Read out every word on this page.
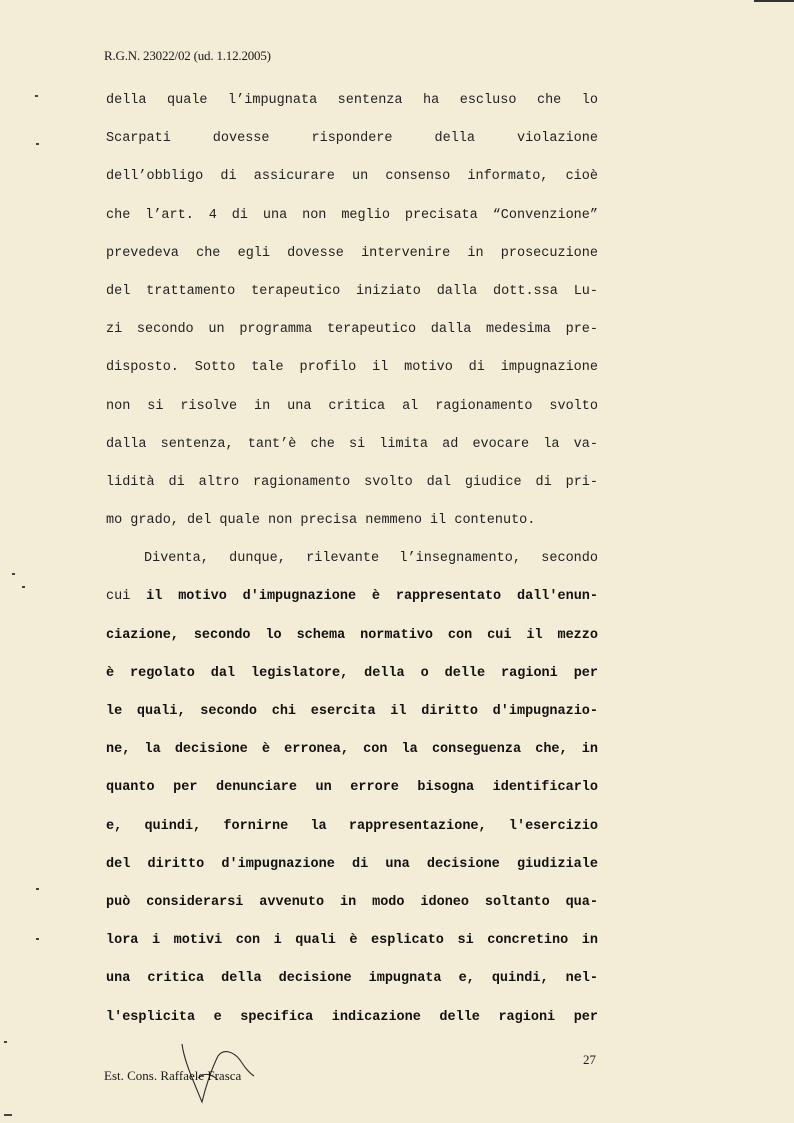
R.G.N. 23022/02 (ud. 1.12.2005)
della quale l’impugnata sentenza ha escluso che lo
Scarpati dovesse rispondere della violazione
dell’obbligo di assicurare un consenso informato, cioè
che l’art. 4 di una non meglio precisata “Convenzione”
prevedeva che egli dovesse intervenire in prosecuzione
del trattamento terapeutico iniziato dalla dott.ssa Lu-
zi secondo un programma terapeutico dalla medesima pre-
disposto. Sotto tale profilo il motivo di impugnazione
non si risolve in una critica al ragionamento svolto
dalla sentenza, tant’è che si limita ad evocare la va-
lidità di altro ragionamento svolto dal giudice di pri-
mo grado, del quale non precisa nemmeno il contenuto.
Diventa, dunque, rilevante l’insegnamento, secondo
cui il motivo d'impugnazione è rappresentato dall'enun-
ciazione, secondo lo schema normativo con cui il mezzo
è regolato dal legislatore, della o delle ragioni per
le quali, secondo chi esercita il diritto d'impugnazio-
ne, la decisione è erronea, con la conseguenza che, in
quanto per denunciare un errore bisogna identificarlo
e, quindi, fornirne la rappresentazione, l'esercizio
del diritto d'impugnazione di una decisione giudiziale
può considerarsi avvenuto in modo idoneo soltanto qua-
lora i motivi con i quali è esplicato si concretino in
una critica della decisione impugnata e, quindi, nel-
l'esplicita e specifica indicazione delle ragioni per
Est. Cons. Raffaele Frasca
27
